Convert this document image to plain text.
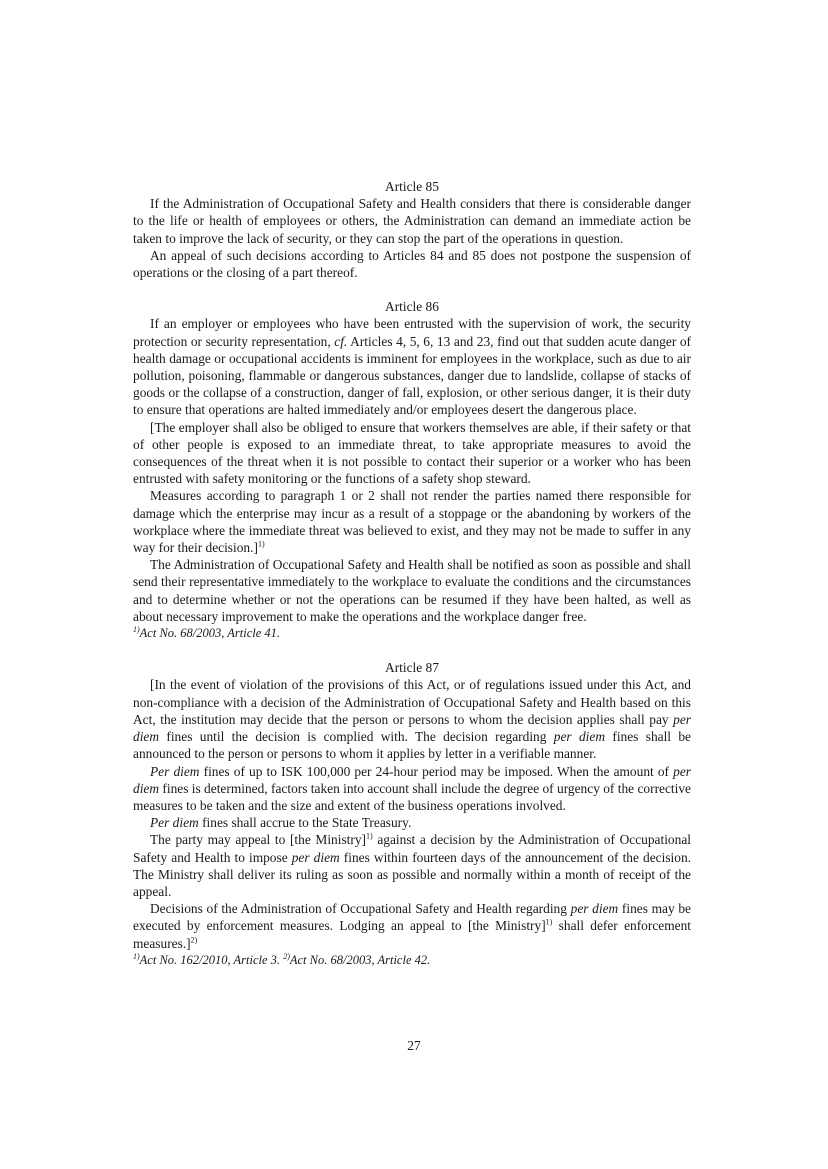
Article 85

If the Administration of Occupational Safety and Health considers that there is considerable danger to the life or health of employees or others, the Administration can demand an immediate action be taken to improve the lack of security, or they can stop the part of the operations in question.

An appeal of such decisions according to Articles 84 and 85 does not postpone the suspension of operations or the closing of a part thereof.

Article 86

If an employer or employees who have been entrusted with the supervision of work, the security protection or security representation, cf. Articles 4, 5, 6, 13 and 23, find out that sudden acute danger of health damage or occupational accidents is imminent for employees in the workplace, such as due to air pollution, poisoning, flammable or dangerous substances, danger due to landslide, collapse of stacks of goods or the collapse of a construction, danger of fall, explosion, or other serious danger, it is their duty to ensure that operations are halted immediately and/or employees desert the dangerous place.

[The employer shall also be obliged to ensure that workers themselves are able, if their safety or that of other people is exposed to an immediate threat, to take appropriate measures to avoid the consequences of the threat when it is not possible to contact their superior or a worker who has been entrusted with safety monitoring or the functions of a safety shop steward.

Measures according to paragraph 1 or 2 shall not render the parties named there responsible for damage which the enterprise may incur as a result of a stoppage or the abandoning by workers of the workplace where the immediate threat was believed to exist, and they may not be made to suffer in any way for their decision.]$^{1)}$

The Administration of Occupational Safety and Health shall be notified as soon as possible and shall send their representative immediately to the workplace to evaluate the conditions and the circumstances and to determine whether or not the operations can be resumed if they have been halted, as well as about necessary improvement to make the operations and the workplace danger free.

$^{1)}$Act No. 68/2003, Article 41.

Article 87

[In the event of violation of the provisions of this Act, or of regulations issued under this Act, and non-compliance with a decision of the Administration of Occupational Safety and Health based on this Act, the institution may decide that the person or persons to whom the decision applies shall pay per diem fines until the decision is complied with. The decision regarding per diem fines shall be announced to the person or persons to whom it applies by letter in a verifiable manner.

Per diem fines of up to ISK 100,000 per 24-hour period may be imposed. When the amount of per diem fines is determined, factors taken into account shall include the degree of urgency of the corrective measures to be taken and the size and extent of the business operations involved.

Per diem fines shall accrue to the State Treasury.

The party may appeal to [the Ministry]$^{1)}$ against a decision by the Administration of Occupational Safety and Health to impose per diem fines within fourteen days of the announcement of the decision. The Ministry shall deliver its ruling as soon as possible and normally within a month of receipt of the appeal.

Decisions of the Administration of Occupational Safety and Health regarding per diem fines may be executed by enforcement measures. Lodging an appeal to [the Ministry]$^{1)}$ shall defer enforcement measures.]$^{2)}$

$^{1)}$Act No. 162/2010, Article 3. $^{2)}$Act No. 68/2003, Article 42.

27
